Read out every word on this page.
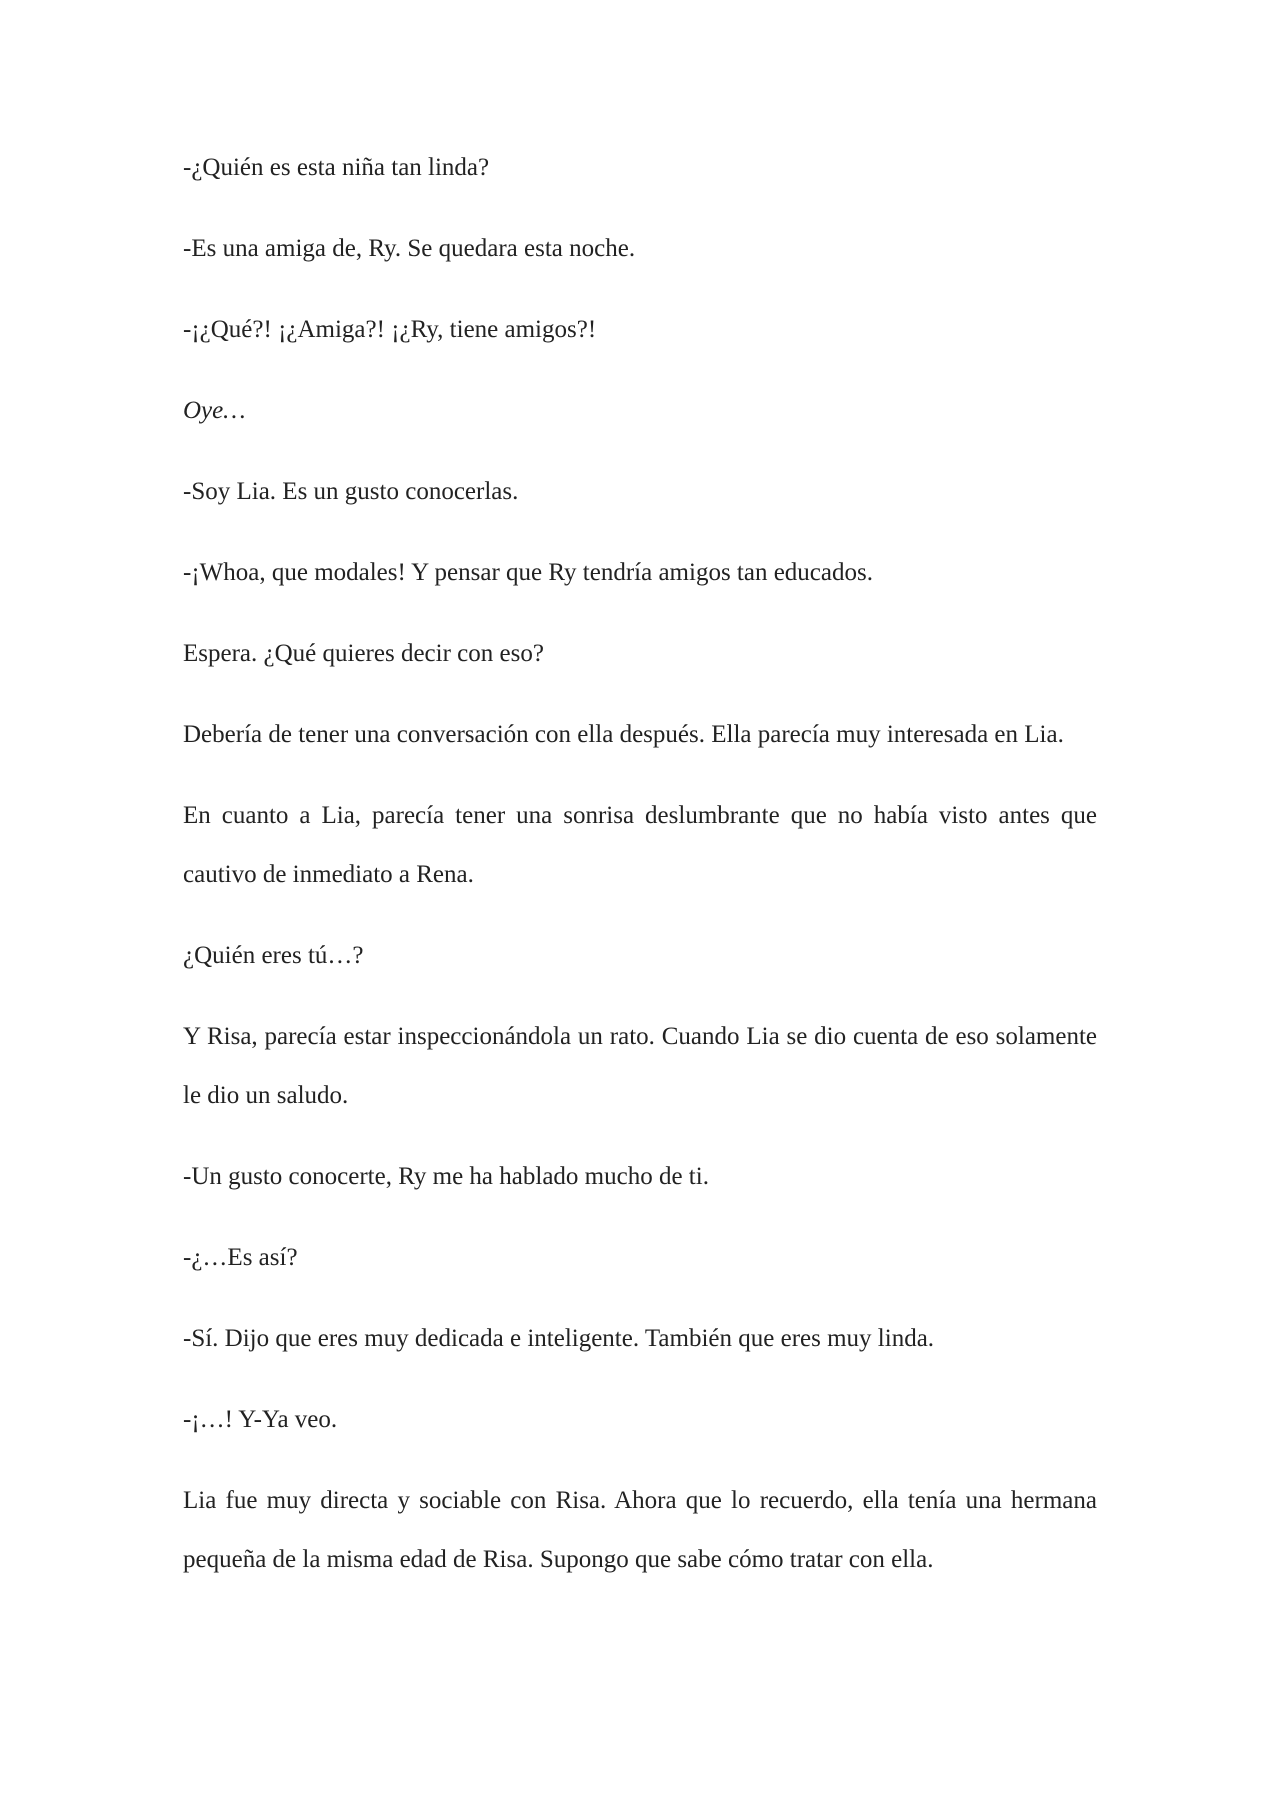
-¿Quién es esta niña tan linda?

-Es una amiga de, Ry. Se quedara esta noche.

-¡¿Qué?! ¡¿Amiga?! ¡¿Ry, tiene amigos?!

Oye…

-Soy Lia. Es un gusto conocerlas.

-¡Whoa, que modales! Y pensar que Ry tendría amigos tan educados.

Espera. ¿Qué quieres decir con eso?

Debería de tener una conversación con ella después. Ella parecía muy interesada en Lia.

En cuanto a Lia, parecía tener una sonrisa deslumbrante que no había visto antes que cautivo de inmediato a Rena.

¿Quién eres tú…?

Y Risa, parecía estar inspeccionándola un rato. Cuando Lia se dio cuenta de eso solamente le dio un saludo.

-Un gusto conocerte, Ry me ha hablado mucho de ti.

-¿…Es así?

-Sí. Dijo que eres muy dedicada e inteligente. También que eres muy linda.

-¡…! Y-Ya veo.

Lia fue muy directa y sociable con Risa. Ahora que lo recuerdo, ella tenía una hermana pequeña de la misma edad de Risa. Supongo que sabe cómo tratar con ella.
